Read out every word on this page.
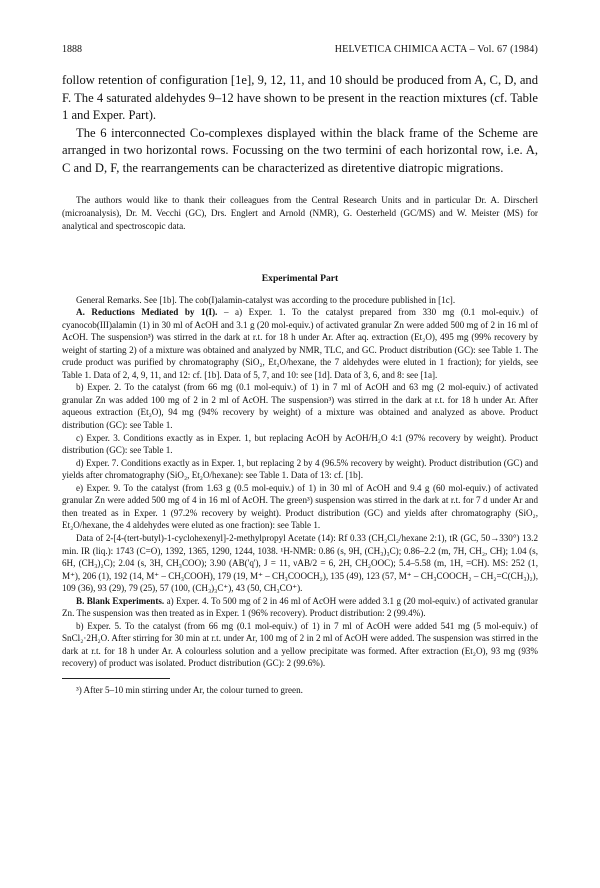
1888	HELVETICA CHIMICA ACTA – Vol. 67 (1984)

follow retention of configuration [1e], 9, 12, 11, and 10 should be produced from A, C, D, and F. The 4 saturated aldehydes 9–12 have shown to be present in the reaction mixtures (cf. Table 1 and Exper. Part).

The 6 interconnected Co-complexes displayed within the black frame of the Scheme are arranged in two horizontal rows. Focussing on the two termini of each horizontal row, i.e. A, C and D, F, the rearrangements can be characterized as diretentive diatropic migrations.

The authors would like to thank their colleagues from the Central Research Units and in particular Dr. A. Dirscherl (microanalysis), Dr. M. Vecchi (GC), Drs. Englert and Arnold (NMR), G. Oesterheld (GC/MS) and W. Meister (MS) for analytical and spectroscopic data.

Experimental Part

General Remarks. See [1b]. The cob(I)alamin-catalyst was according to the procedure published in [1c].

A. Reductions Mediated by 1(I). – a) Exper. 1. To the catalyst prepared from 330 mg (0.1 mol-equiv.) of cyanocob(III)alamin (1) in 30 ml of AcOH and 3.1 g (20 mol-equiv.) of activated granular Zn were added 500 mg of 2 in 16 ml of AcOH. The suspension³) was stirred in the dark at r.t. for 18 h under Ar. After aq. extraction (Et₂O), 495 mg (99% recovery by weight of starting 2) of a mixture was obtained and analyzed by NMR, TLC, and GC. Product distribution (GC): see Table 1. The crude product was purified by chromatography (SiO₂, Et₂O/hexane, the 7 aldehydes were eluted in 1 fraction); for yields, see Table 1. Data of 2, 4, 9, 11, and 12: cf. [1b]. Data of 5, 7, and 10: see [1d]. Data of 3, 6, and 8: see [1a].

b) Exper. 2. To the catalyst (from 66 mg (0.1 mol-equiv.) of 1) in 7 ml of AcOH and 63 mg (2 mol-equiv.) of activated granular Zn was added 100 mg of 2 in 2 ml of AcOH. The suspension³) was stirred in the dark at r.t. for 18 h under Ar. After aqueous extraction (Et₂O), 94 mg (94% recovery by weight) of a mixture was obtained and analyzed as above. Product distribution (GC): see Table 1.

c) Exper. 3. Conditions exactly as in Exper. 1, but replacing AcOH by AcOH/H₂O 4:1 (97% recovery by weight). Product distribution (GC): see Table 1.

d) Exper. 7. Conditions exactly as in Exper. 1, but replacing 2 by 4 (96.5% recovery by weight). Product distribution (GC) and yields after chromatography (SiO₂, Et₂O/hexane): see Table 1. Data of 13: cf. [1b].

e) Exper. 9. To the catalyst (from 1.63 g (0.5 mol-equiv.) of 1) in 30 ml of AcOH and 9.4 g (60 mol-equiv.) of activated granular Zn were added 500 mg of 4 in 16 ml of AcOH. The green³) suspension was stirred in the dark at r.t. for 7 d under Ar and then treated as in Exper. 1 (97.2% recovery by weight). Product distribution (GC) and yields after chromatography (SiO₂, Et₂O/hexane, the 4 aldehydes were eluted as one fraction): see Table 1.

Data of 2-[4-(tert-butyl)-1-cyclohexenyl]-2-methylpropyl Acetate (14): Rf 0.33 (CH₂Cl₂/hexane 2:1), tR (GC, 50→330°) 13.2 min. IR (liq.): 1743 (C=O), 1392, 1365, 1290, 1244, 1038. ¹H-NMR: 0.86 (s, 9H, (CH₃)₃C); 0.86–2.2 (m, 7H, CH₂, CH); 1.04 (s, 6H, (CH₃)₂C); 2.04 (s, 3H, CH₃COO); 3.90 (AB('q'), J = 11, νAB/2 = 6, 2H, CH₂OOC); 5.4–5.58 (m, 1H, =CH). MS: 252 (1, M⁺), 206 (1), 192 (14, M⁺ – CH₃COOH), 179 (19, M⁺ – CH₃COOCH₂), 135 (49), 123 (57, M⁺ – CH₃COOCH₂ – CH₂=C(CH₃)₂), 109 (36), 93 (29), 79 (25), 57 (100, (CH₃)₃C⁺), 43 (50, CH₃CO⁺).

B. Blank Experiments. a) Exper. 4. To 500 mg of 2 in 46 ml of AcOH were added 3.1 g (20 mol-equiv.) of activated granular Zn. The suspension was then treated as in Exper. 1 (96% recovery). Product distribution: 2 (99.4%).

b) Exper. 5. To the catalyst (from 66 mg (0.1 mol-equiv.) of 1) in 7 ml of AcOH were added 541 mg (5 mol-equiv.) of SnCl₂·2H₂O. After stirring for 30 min at r.t. under Ar, 100 mg of 2 in 2 ml of AcOH were added. The suspension was stirred in the dark at r.t. for 18 h under Ar. A colourless solution and a yellow precipitate was formed. After extraction (Et₂O), 93 mg (93% recovery) of product was isolated. Product distribution (GC): 2 (99.6%).

³) After 5–10 min stirring under Ar, the colour turned to green.
